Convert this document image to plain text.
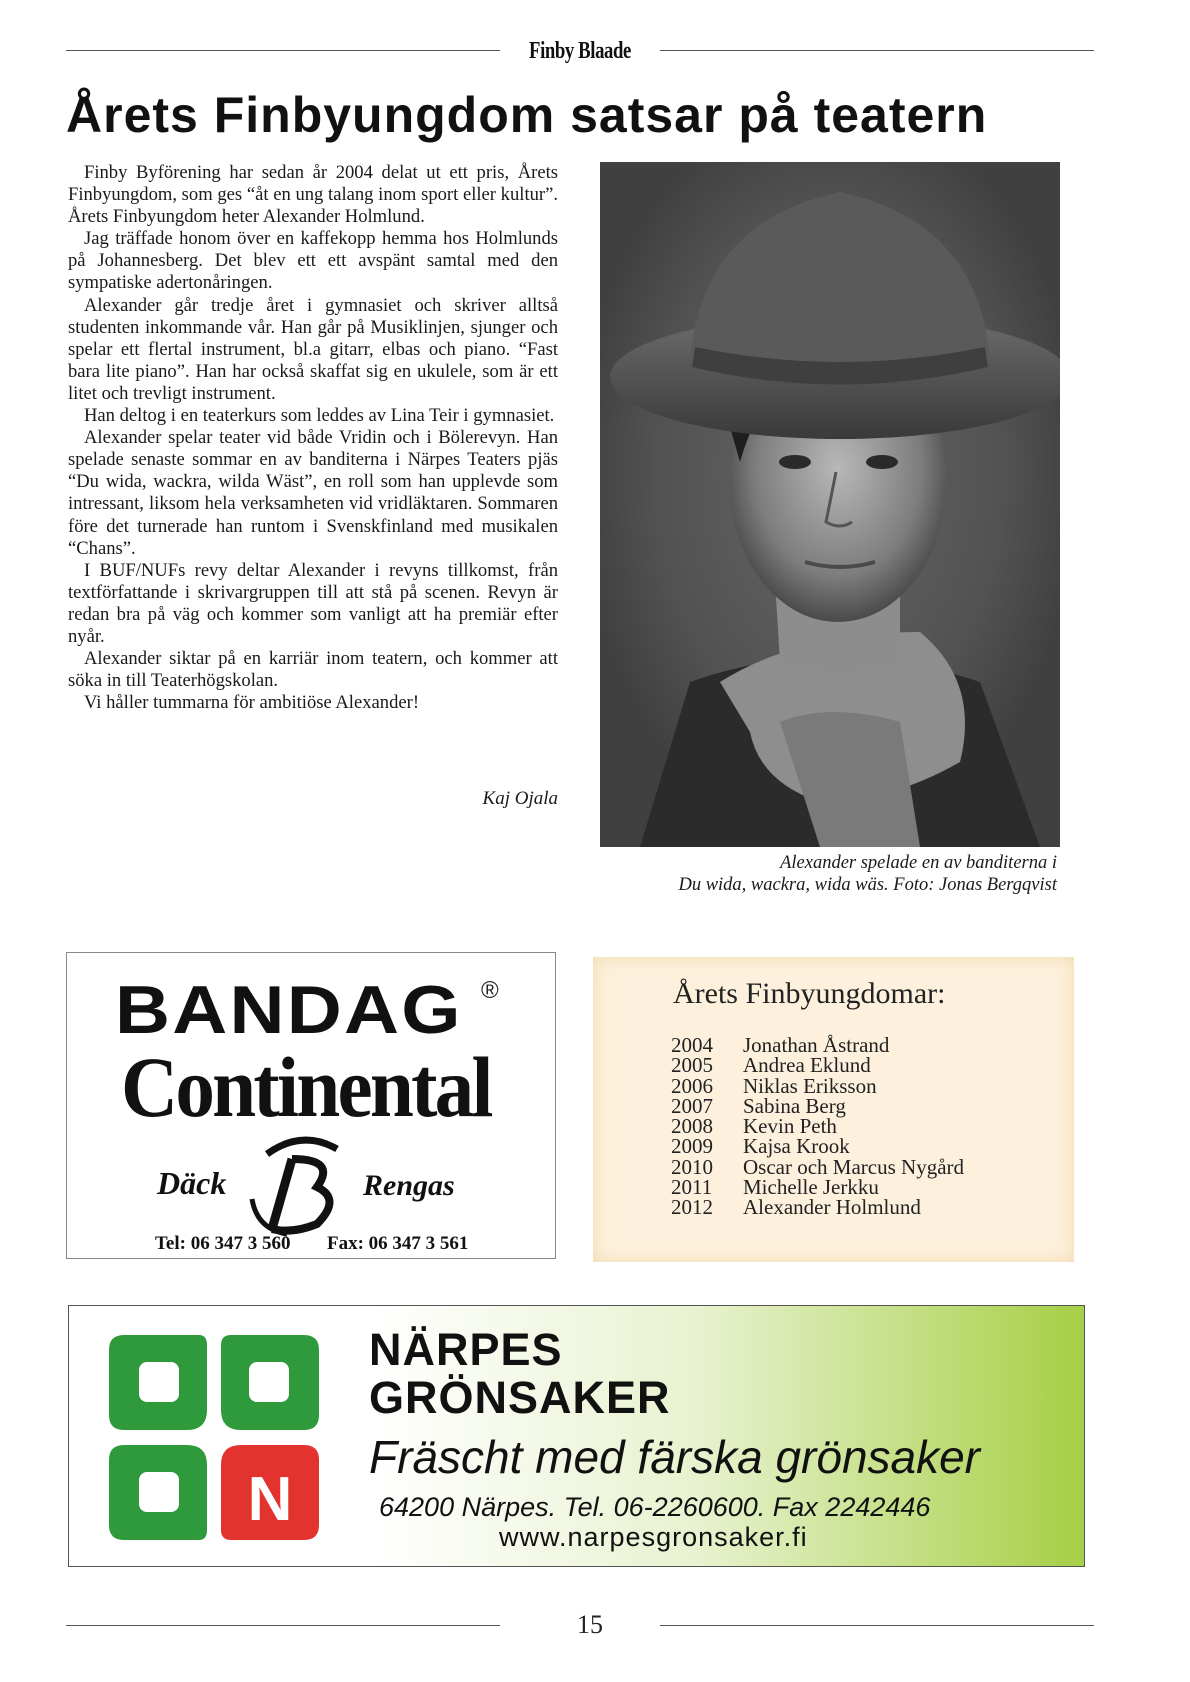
Finby Blaade
Årets Finbyungdom satsar på teatern

Finby Byförening har sedan år 2004 delat ut ett pris, Årets Finbyungdom, som ges “åt en ung talang inom sport eller kultur”. Årets Finbyungdom heter Alexander Holmlund.

Jag träffade honom över en kaffekopp hemma hos Holmlunds på Johannesberg. Det blev ett ett avspänt samtal med den sympatiske adertonåringen.

Alexander går tredje året i gymnasiet och skriver alltså studenten inkommande vår. Han går på Musiklinjen, sjunger och spelar ett flertal instrument, bl.a gitarr, elbas och piano. “Fast bara lite piano”. Han har också skaffat sig en ukulele, som är ett litet och trevligt instrument.

Han deltog i en teaterkurs som leddes av Lina Teir i gymnasiet.

Alexander spelar teater vid både Vridin och i Bölerevyn. Han spelade senaste sommar en av banditerna i Närpes Teaters pjäs “Du wida, wackra, wilda Wäst”, en roll som han upplevde som intressant, liksom hela verksamheten vid vridläktaren. Sommaren före det turnerade han runtom i Svenskfinland med musikalen “Chans”.

I BUF/NUFs revy deltar Alexander i revyns tillkomst, från textförfattande i skrivargruppen till att stå på scenen. Revyn är redan bra på väg och kommer som vanligt att ha premiär efter nyår.

Alexander siktar på en karriär inom teatern, och kommer att söka in till Teaterhögskolan.

Vi håller tummarna för ambitiöse Alexander!

Kaj Ojala
Alexander spelade en av banditerna i
Du wida, wackra, wida wäs. Foto: Jonas Bergqvist
BANDAG ®
Continental
Däck	Rengas
Tel: 06 347 3 560 Fax: 06 347 3 561
Årets Finbyungdomar:
2004	Jonathan Åstrand
2005	Andrea Eklund
2006	Niklas Eriksson
2007	Sabina Berg
2008	Kevin Peth
2009	Kajsa Krook
2010	Oscar och Marcus Nygård
2011	Michelle Jerkku
2012	Alexander Holmlund
N
NÄRPES
GRÖNSAKER
Fräscht med färska grönsaker
64200 Närpes. Tel. 06-2260600. Fax 2242446
www.narpesgronsaker.fi
15
